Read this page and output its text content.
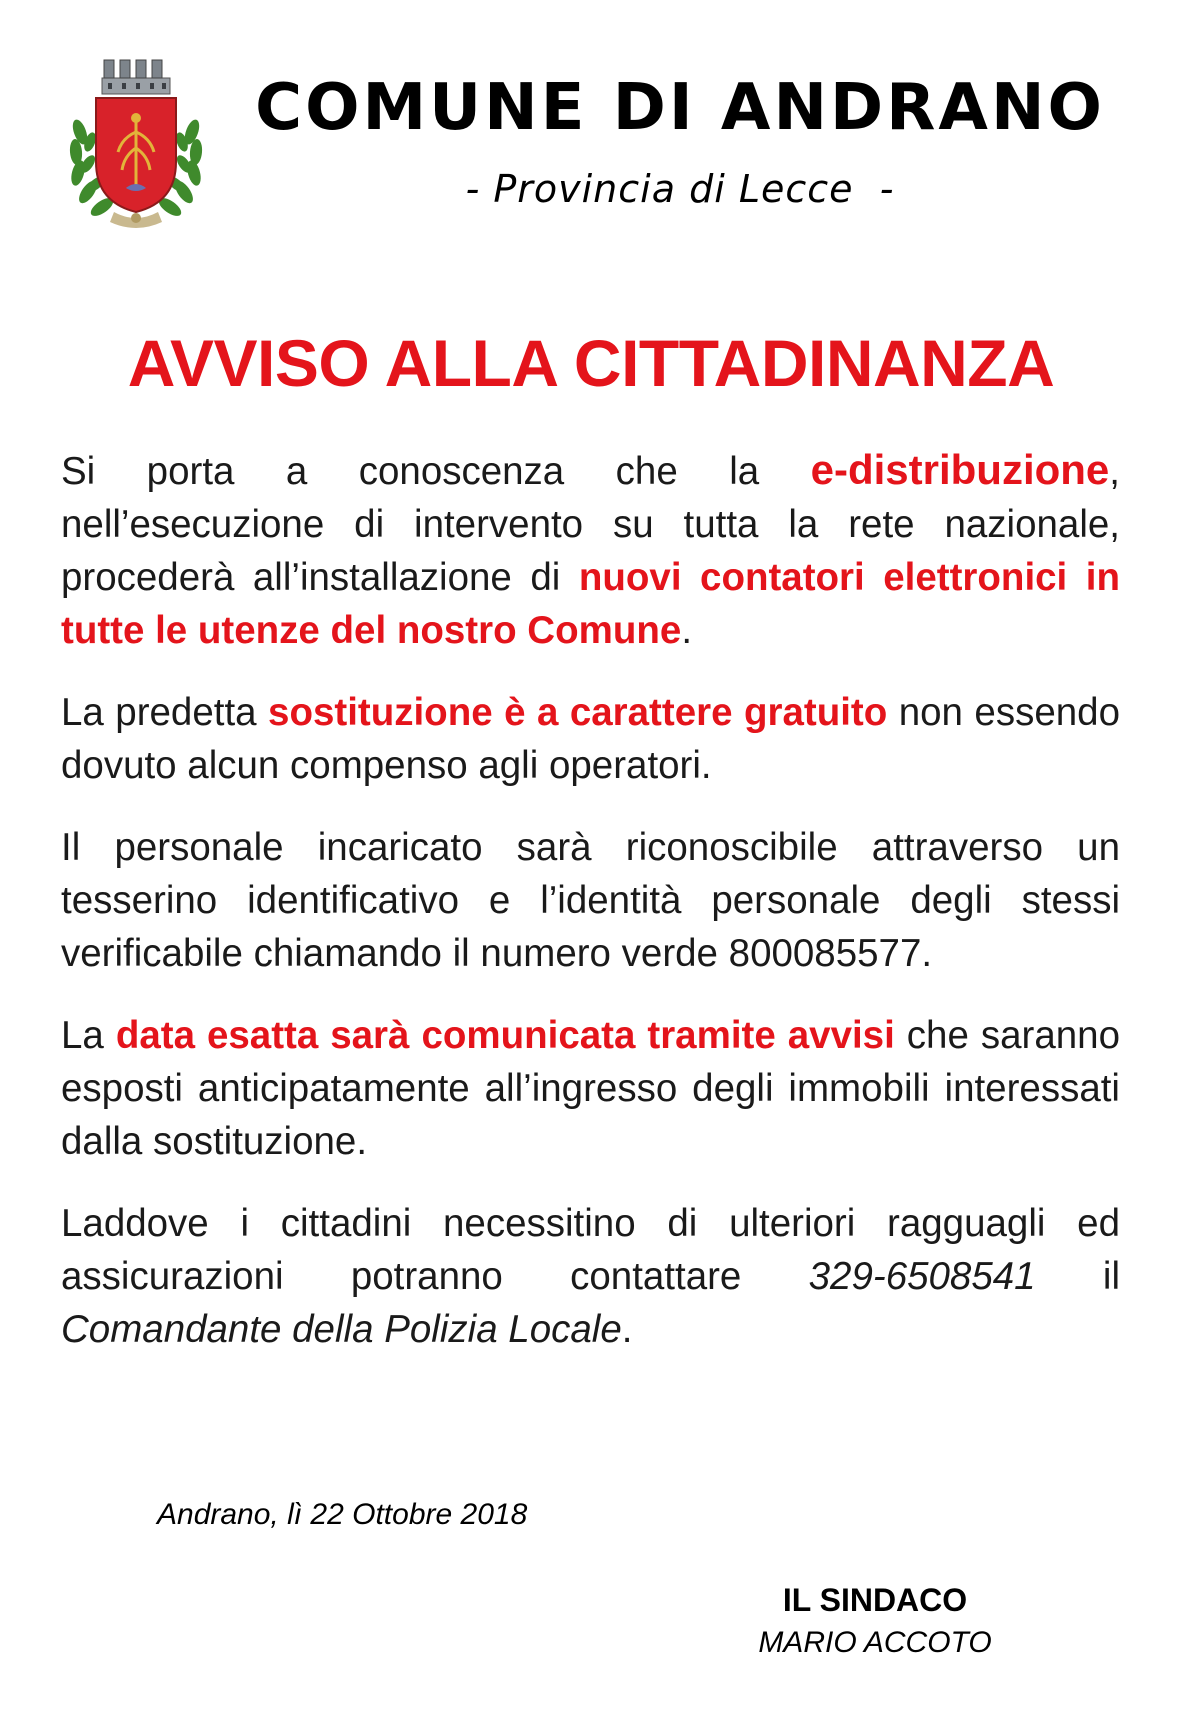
COMUNE DI ANDRANO
- Provincia di Lecce  -
AVVISO ALLA CITTADINANZA

Si porta a conoscenza che la e-distribuzione, nell’esecuzione di intervento su tutta la rete nazionale, procederà all’installazione di nuovi contatori elettronici in tutte le utenze del nostro Comune.

La predetta sostituzione è a carattere gratuito non essendo dovuto alcun compenso agli operatori.

Il personale incaricato sarà riconoscibile attraverso un tesserino identificativo e l’identità personale degli stessi verificabile chiamando il numero verde 800085577.

La data esatta sarà comunicata tramite avvisi che saranno esposti anticipatamente all’ingresso degli immobili interessati dalla sostituzione.

Laddove i cittadini necessitino di ulteriori ragguagli ed assicurazioni potranno contattare 329-6508541 il Comandante della Polizia Locale.

Andrano, lì 22 Ottobre 2018
IL SINDACO
MARIO ACCOTO
